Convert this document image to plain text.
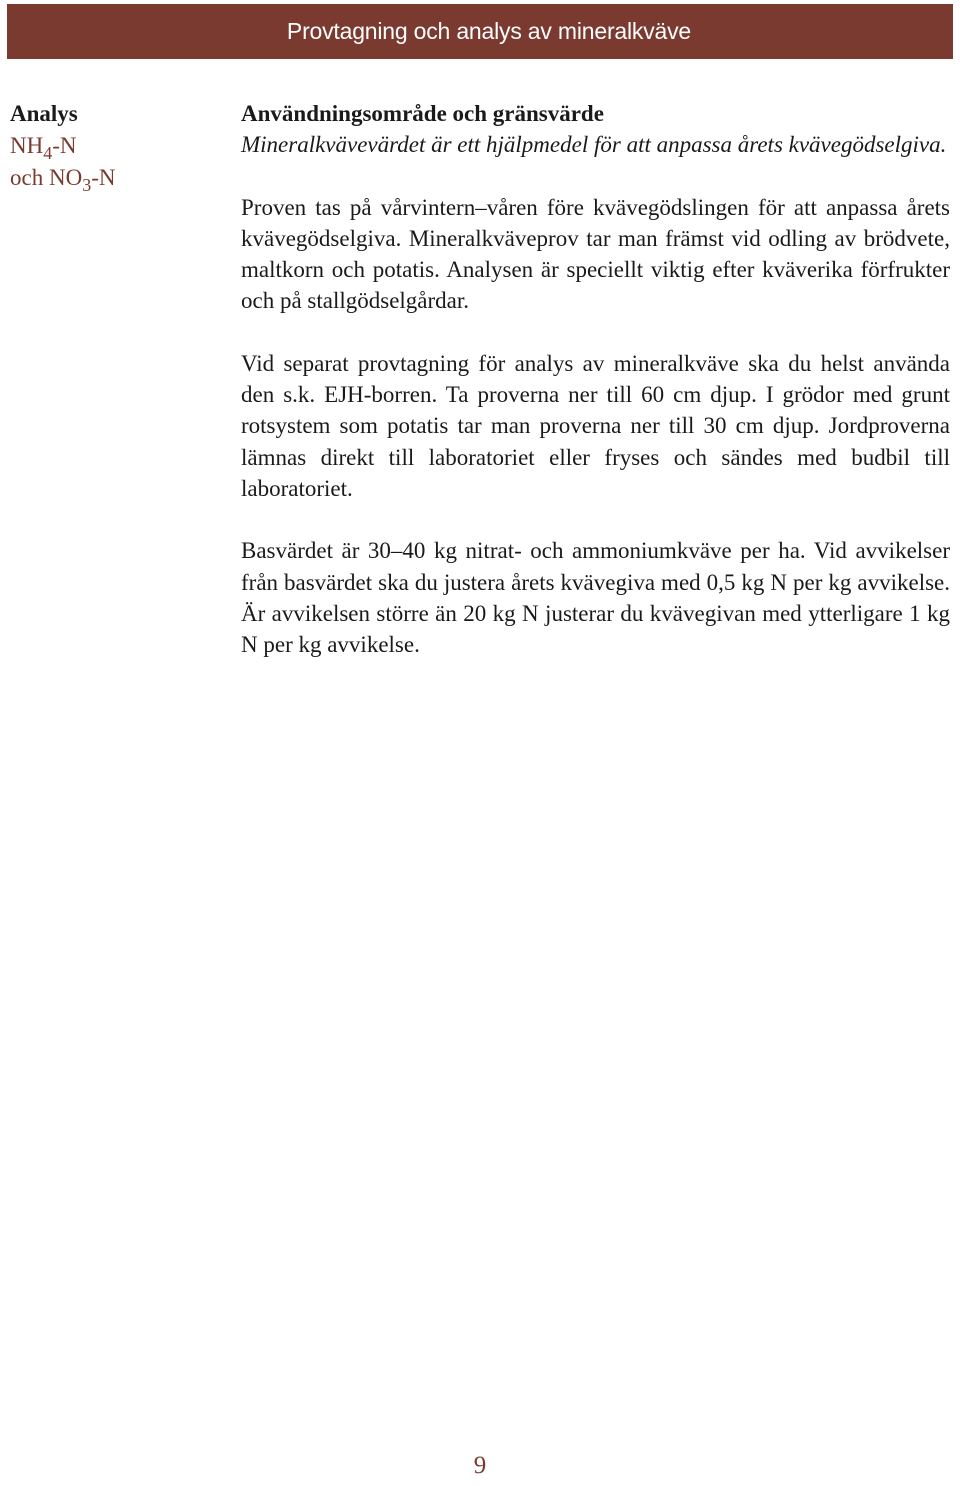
Provtagning och analys av mineralkväve
Analys
$NH_4-N$
och $NO_3-N$

Användningsområde och gränsvärde

Mineralkvävevärdet är ett hjälpmedel för att anpassa årets kvävegödselgiva.

Proven tas på vårvintern–våren före kvävegödslingen för att anpassa årets kvävegödselgiva. Mineralkväveprov tar man främst vid odling av brödvete, maltkorn och potatis. Analysen är speciellt viktig efter kväverika förfrukter och på stallgödselgårdar.

Vid separat provtagning för analys av mineralkväve ska du helst använda den s.k. EJH-borren. Ta proverna ner till 60 cm djup. I grödor med grunt rotsystem som potatis tar man proverna ner till 30 cm djup. Jordproverna lämnas direkt till laboratoriet eller fryses och sändes med budbil till laboratoriet.

Basvärdet är 30–40 kg nitrat- och ammoniumkväve per ha. Vid avvikelser från basvärdet ska du justera årets kvävegiva med 0,5 kg N per kg avvikelse. Är avvikelsen större än 20 kg N justerar du kvävegivan med ytterligare 1 kg N per kg avvikelse.

9
